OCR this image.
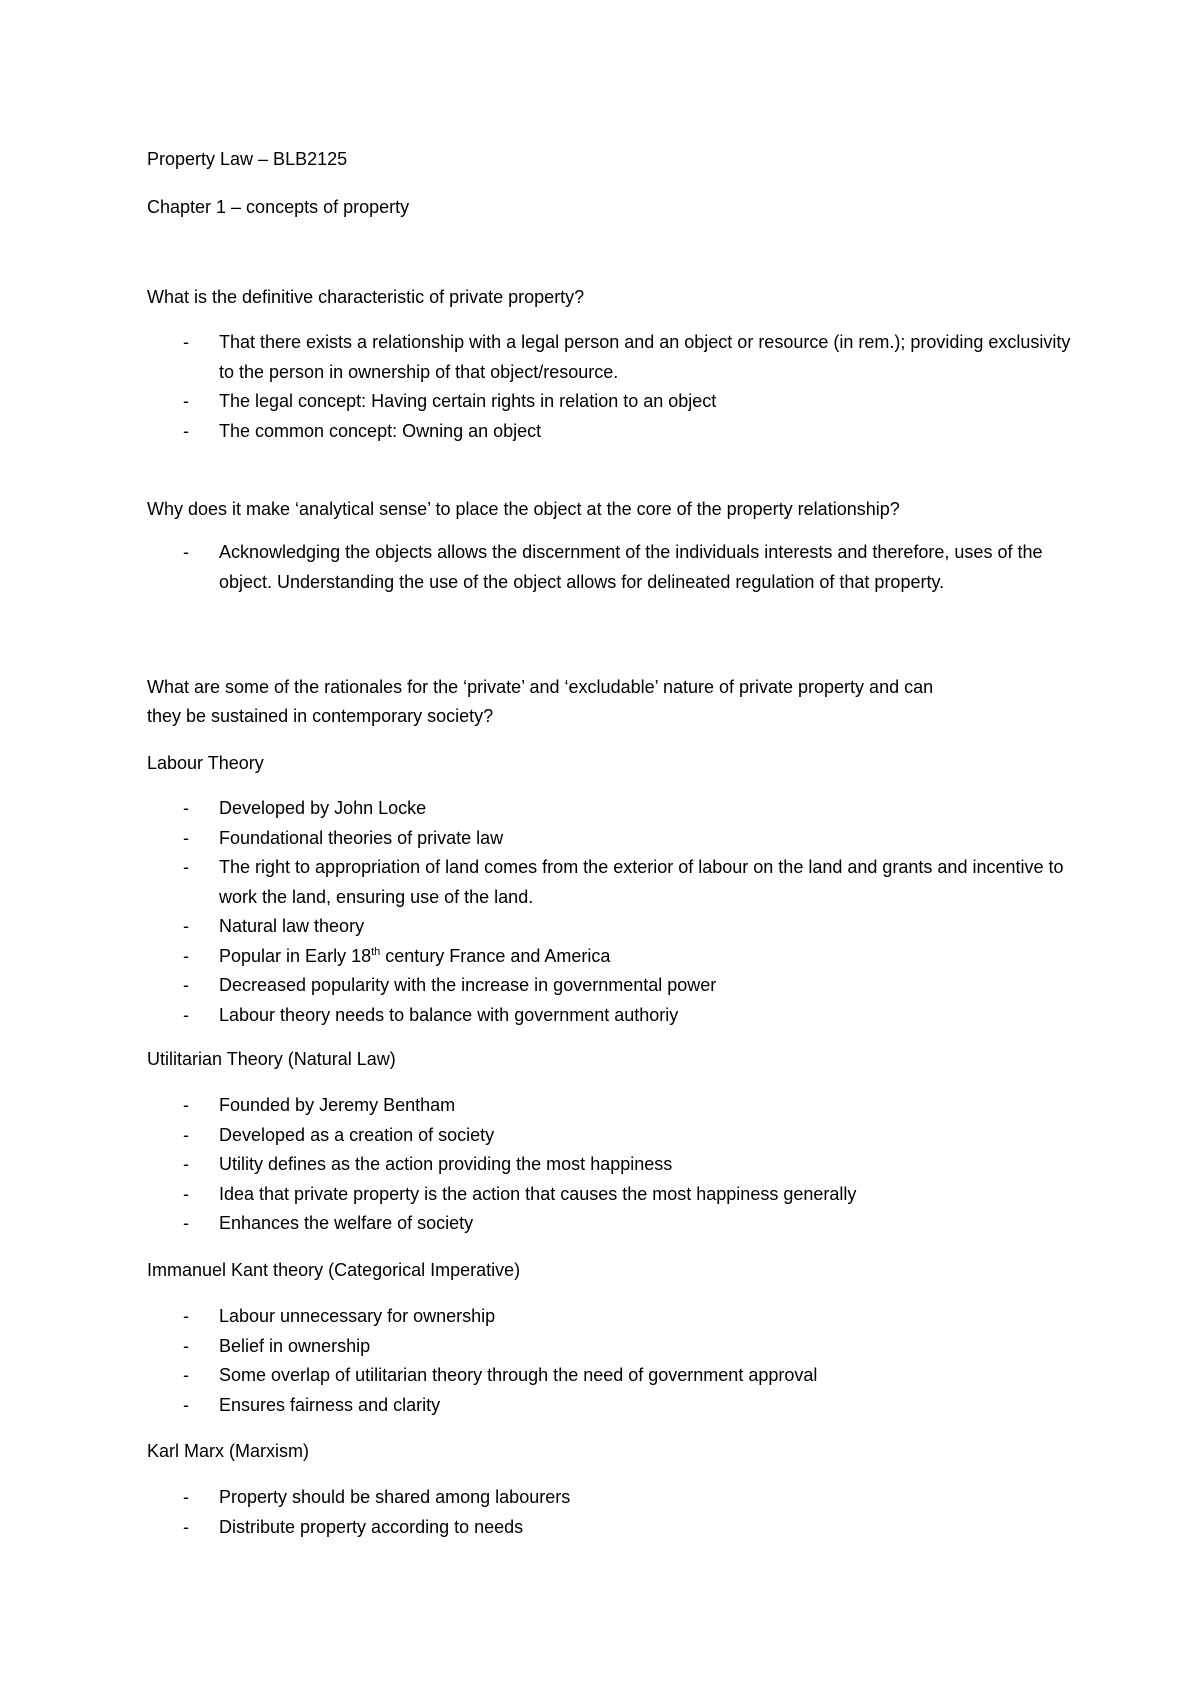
Property Law – BLB2125
Chapter 1 – concepts of property
What is the definitive characteristic of private property?
- That there exists a relationship with a legal person and an object or resource (in rem.); providing exclusivity to the person in ownership of that object/resource.
- The legal concept: Having certain rights in relation to an object
- The common concept: Owning an object
Why does it make ‘analytical sense’ to place the object at the core of the property relationship?
- Acknowledging the objects allows the discernment of the individuals interests and therefore, uses of the object. Understanding the use of the object allows for delineated regulation of that property.
What are some of the rationales for the ‘private’ and ‘excludable’ nature of private property and can
they be sustained in contemporary society?
Labour Theory
- Developed by John Locke
- Foundational theories of private law
- The right to appropriation of land comes from the exterior of labour on the land and grants and incentive to work the land, ensuring use of the land.
- Natural law theory
- Popular in Early 18th century France and America
- Decreased popularity with the increase in governmental power
- Labour theory needs to balance with government authoriy
Utilitarian Theory (Natural Law)
- Founded by Jeremy Bentham
- Developed as a creation of society
- Utility defines as the action providing the most happiness
- Idea that private property is the action that causes the most happiness generally
- Enhances the welfare of society
Immanuel Kant theory (Categorical Imperative)
- Labour unnecessary for ownership
- Belief in ownership
- Some overlap of utilitarian theory through the need of government approval
- Ensures fairness and clarity
Karl Marx (Marxism)
- Property should be shared among labourers
- Distribute property according to needs
